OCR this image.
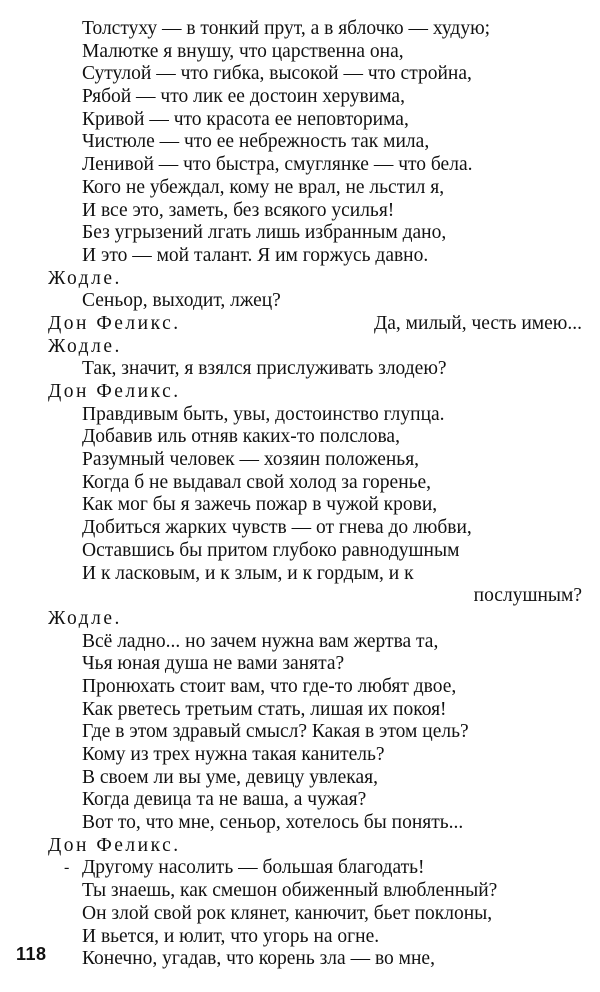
Толстуху — в тонкий прут, а в яблочко — худую;
Малютке я внушу, что царственна она,
Сутулой — что гибка, высокой — что стройна,
Рябой — что лик ее достоин херувима,
Кривой — что красота ее неповторима,
Чистюле — что ее небрежность так мила,
Ленивой — что быстра, смуглянке — что бела.
Кого не убеждал, кому не врал, не льстил я,
И все это, заметь, без всякого усилья!
Без угрызений лгать лишь избранным дано,
И это — мой талант. Я им горжусь давно.
Жодле.
Сеньор, выходит, лжец?
Дон Феликс.	Да, милый, честь имею...
Жодле.
Так, значит, я взялся прислуживать злодею?
Дон Феликс.
Правдивым быть, увы, достоинство глупца.
Добавив иль отняв каких-то полслова,
Разумный человек — хозяин положенья,
Когда б не выдавал свой холод за горенье,
Как мог бы я зажечь пожар в чужой крови,
Добиться жарких чувств — от гнева до любви,
Оставшись бы притом глубоко равнодушным
И к ласковым, и к злым, и к гордым, и к
послушным?
Жодле.
Всё ладно... но зачем нужна вам жертва та,
Чья юная душа не вами занята?
Пронюхать стоит вам, что где-то любят двое,
Как рветесь третьим стать, лишая их покоя!
Где в этом здравый смысл? Какая в этом цель?
Кому из трех нужна такая канитель?
В своем ли вы уме, девицу увлекая,
Когда девица та не ваша, а чужая?
Вот то, что мне, сеньор, хотелось бы понять...
Дон Феликс.
- Другому насолить — большая благодать!
Ты знаешь, как смешон обиженный влюбленный?
Он злой свой рок клянет, канючит, бьет поклоны,
И вьется, и юлит, что угорь на огне.
Конечно, угадав, что корень зла — во мне,
118
